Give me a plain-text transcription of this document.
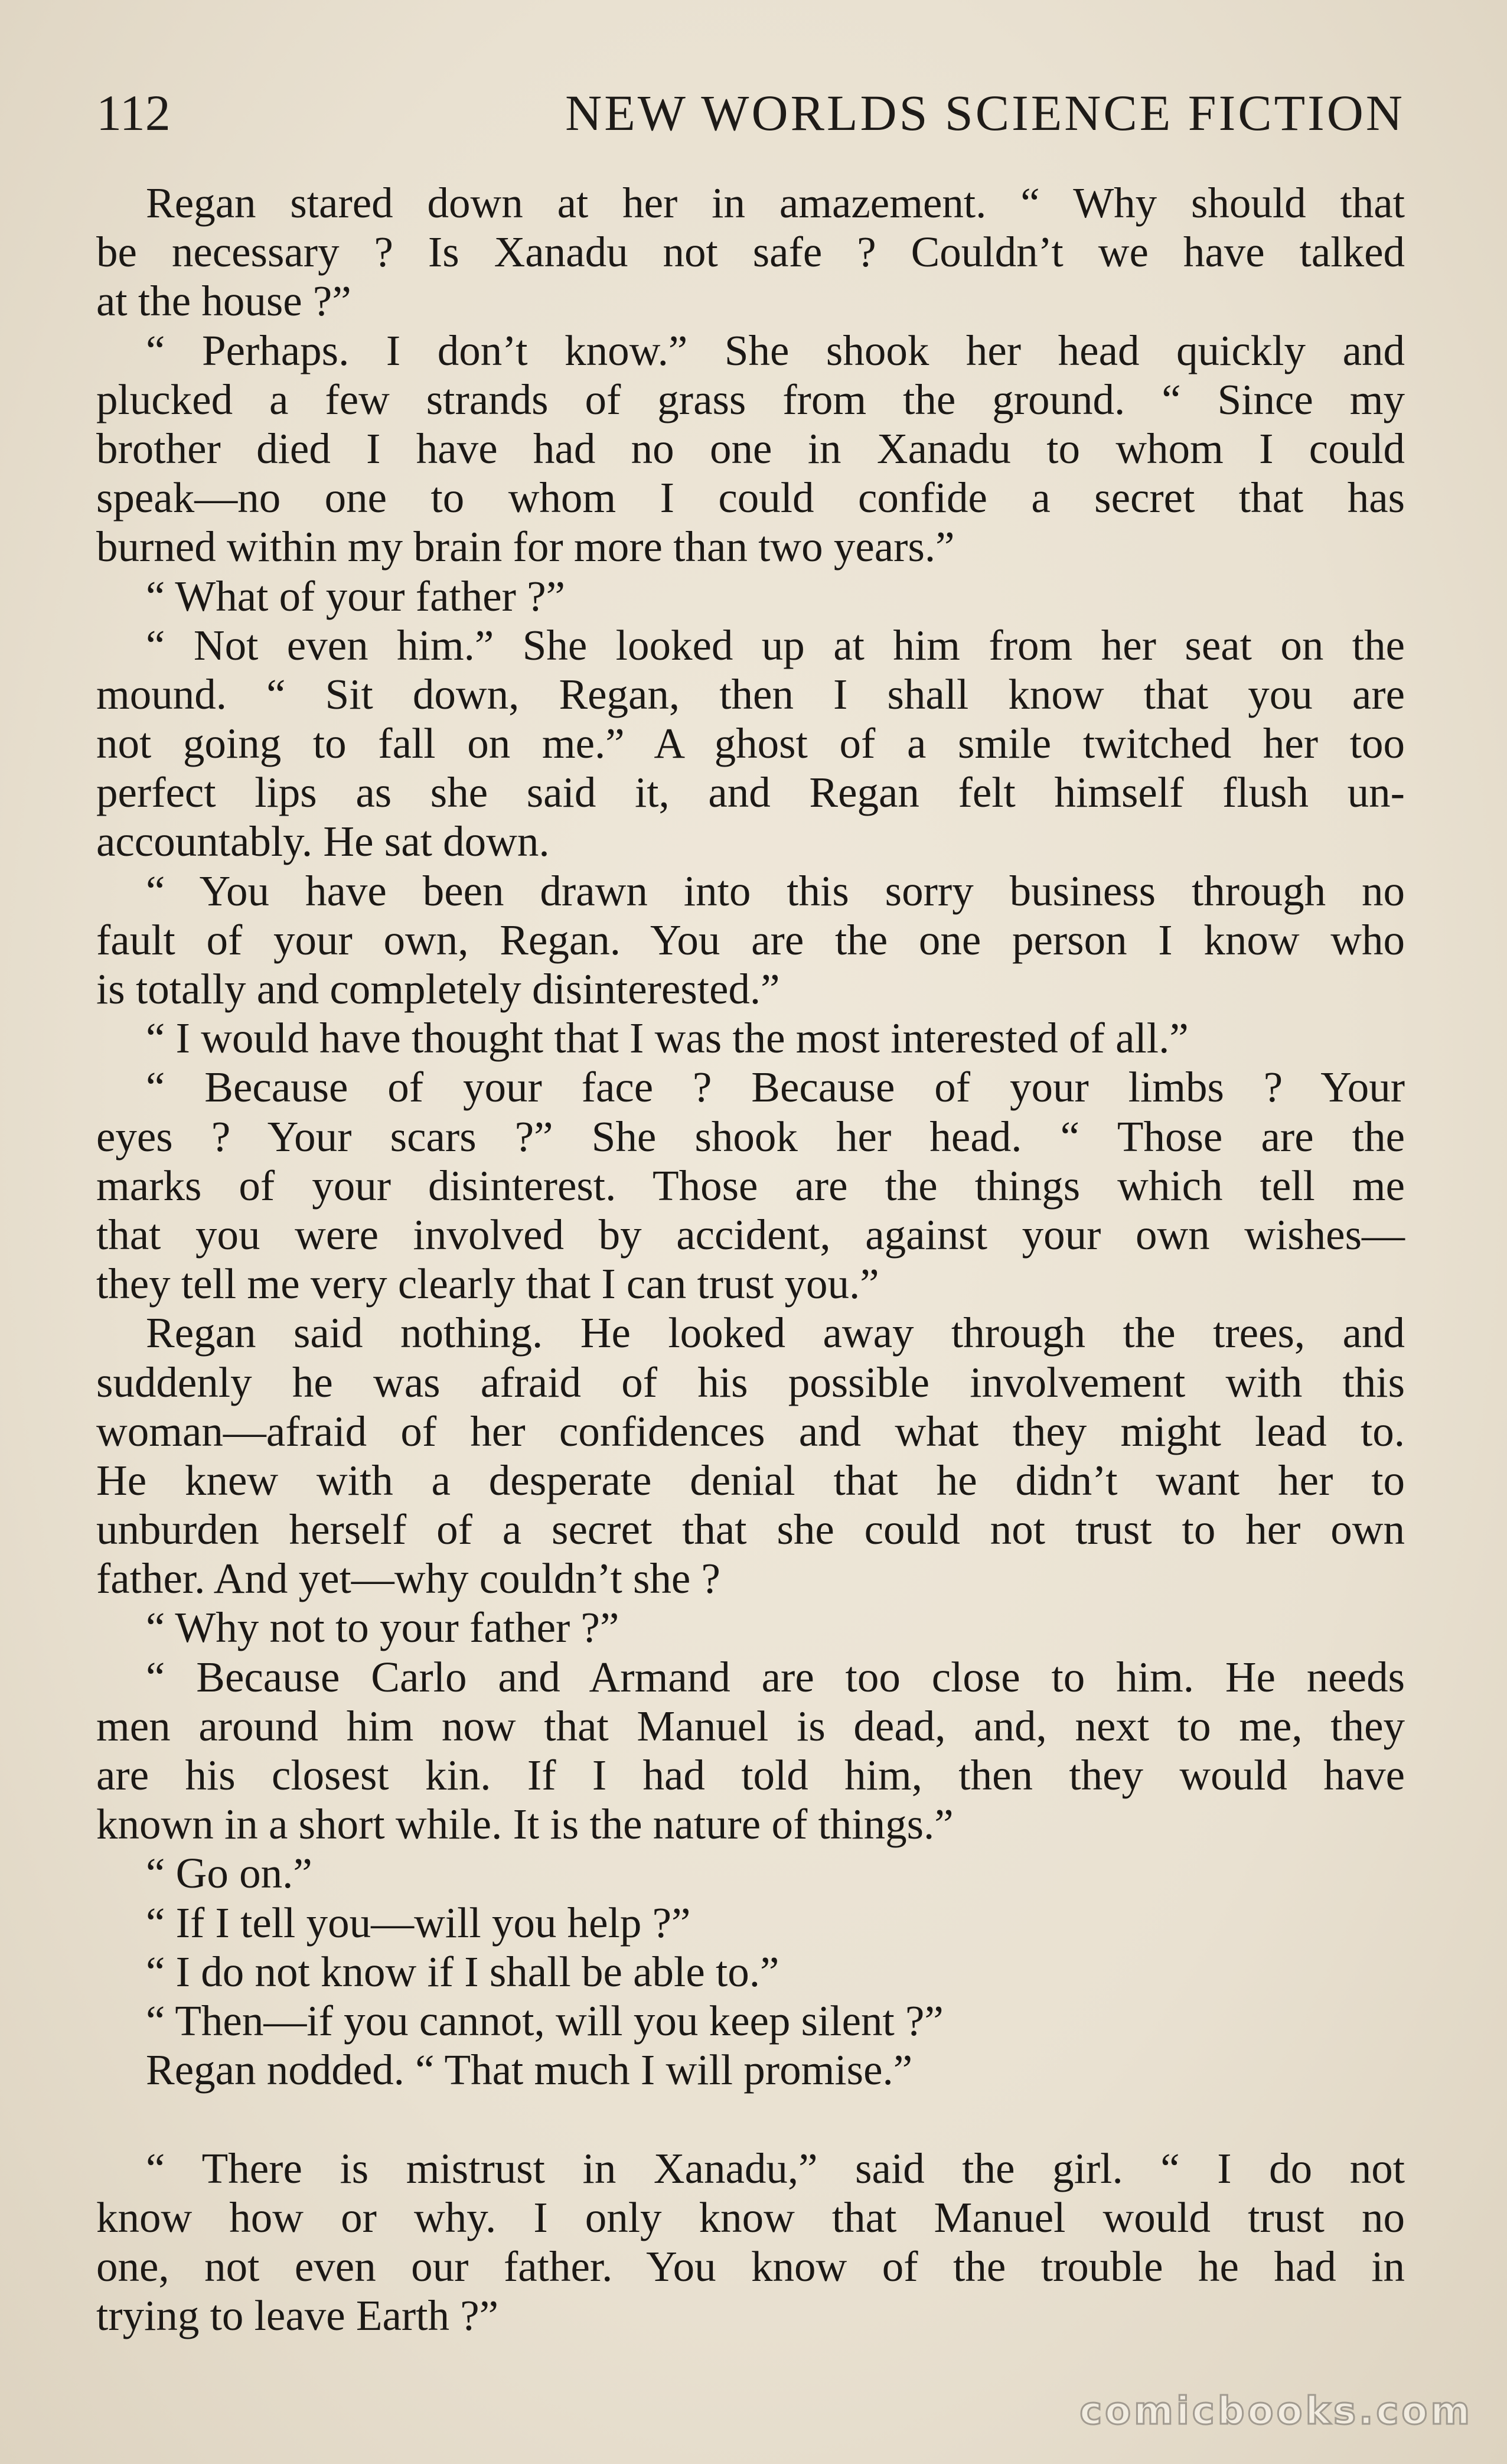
112	NEW WORLDS SCIENCE FICTION
Regan stared down at her in amazement. “ Why should that
be necessary ? Is Xanadu not safe ? Couldn’t we have talked
at the house ?”
“ Perhaps. I don’t know.” She shook her head quickly and
plucked a few strands of grass from the ground. “ Since my
brother died I have had no one in Xanadu to whom I could
speak—no one to whom I could confide a secret that has
burned within my brain for more than two years.”
“ What of your father ?”
“ Not even him.” She looked up at him from her seat on the
mound. “ Sit down, Regan, then I shall know that you are
not going to fall on me.” A ghost of a smile twitched her too
perfect lips as she said it, and Regan felt himself flush un-
accountably. He sat down.
“ You have been drawn into this sorry business through no
fault of your own, Regan. You are the one person I know who
is totally and completely disinterested.”
“ I would have thought that I was the most interested of all.”
“ Because of your face ? Because of your limbs ? Your
eyes ? Your scars ?” She shook her head. “ Those are the
marks of your disinterest. Those are the things which tell me
that you were involved by accident, against your own wishes—
they tell me very clearly that I can trust you.”
Regan said nothing. He looked away through the trees, and
suddenly he was afraid of his possible involvement with this
woman—afraid of her confidences and what they might lead to.
He knew with a desperate denial that he didn’t want her to
unburden herself of a secret that she could not trust to her own
father. And yet—why couldn’t she ?
“ Why not to your father ?”
“ Because Carlo and Armand are too close to him. He needs
men around him now that Manuel is dead, and, next to me, they
are his closest kin. If I had told him, then they would have
known in a short while. It is the nature of things.”
“ Go on.”
“ If I tell you—will you help ?”
“ I do not know if I shall be able to.”
“ Then—if you cannot, will you keep silent ?”
Regan nodded. “ That much I will promise.”
“ There is mistrust in Xanadu,” said the girl. “ I do not
know how or why. I only know that Manuel would trust no
one, not even our father. You know of the trouble he had in
trying to leave Earth ?”
comicbooks.com
